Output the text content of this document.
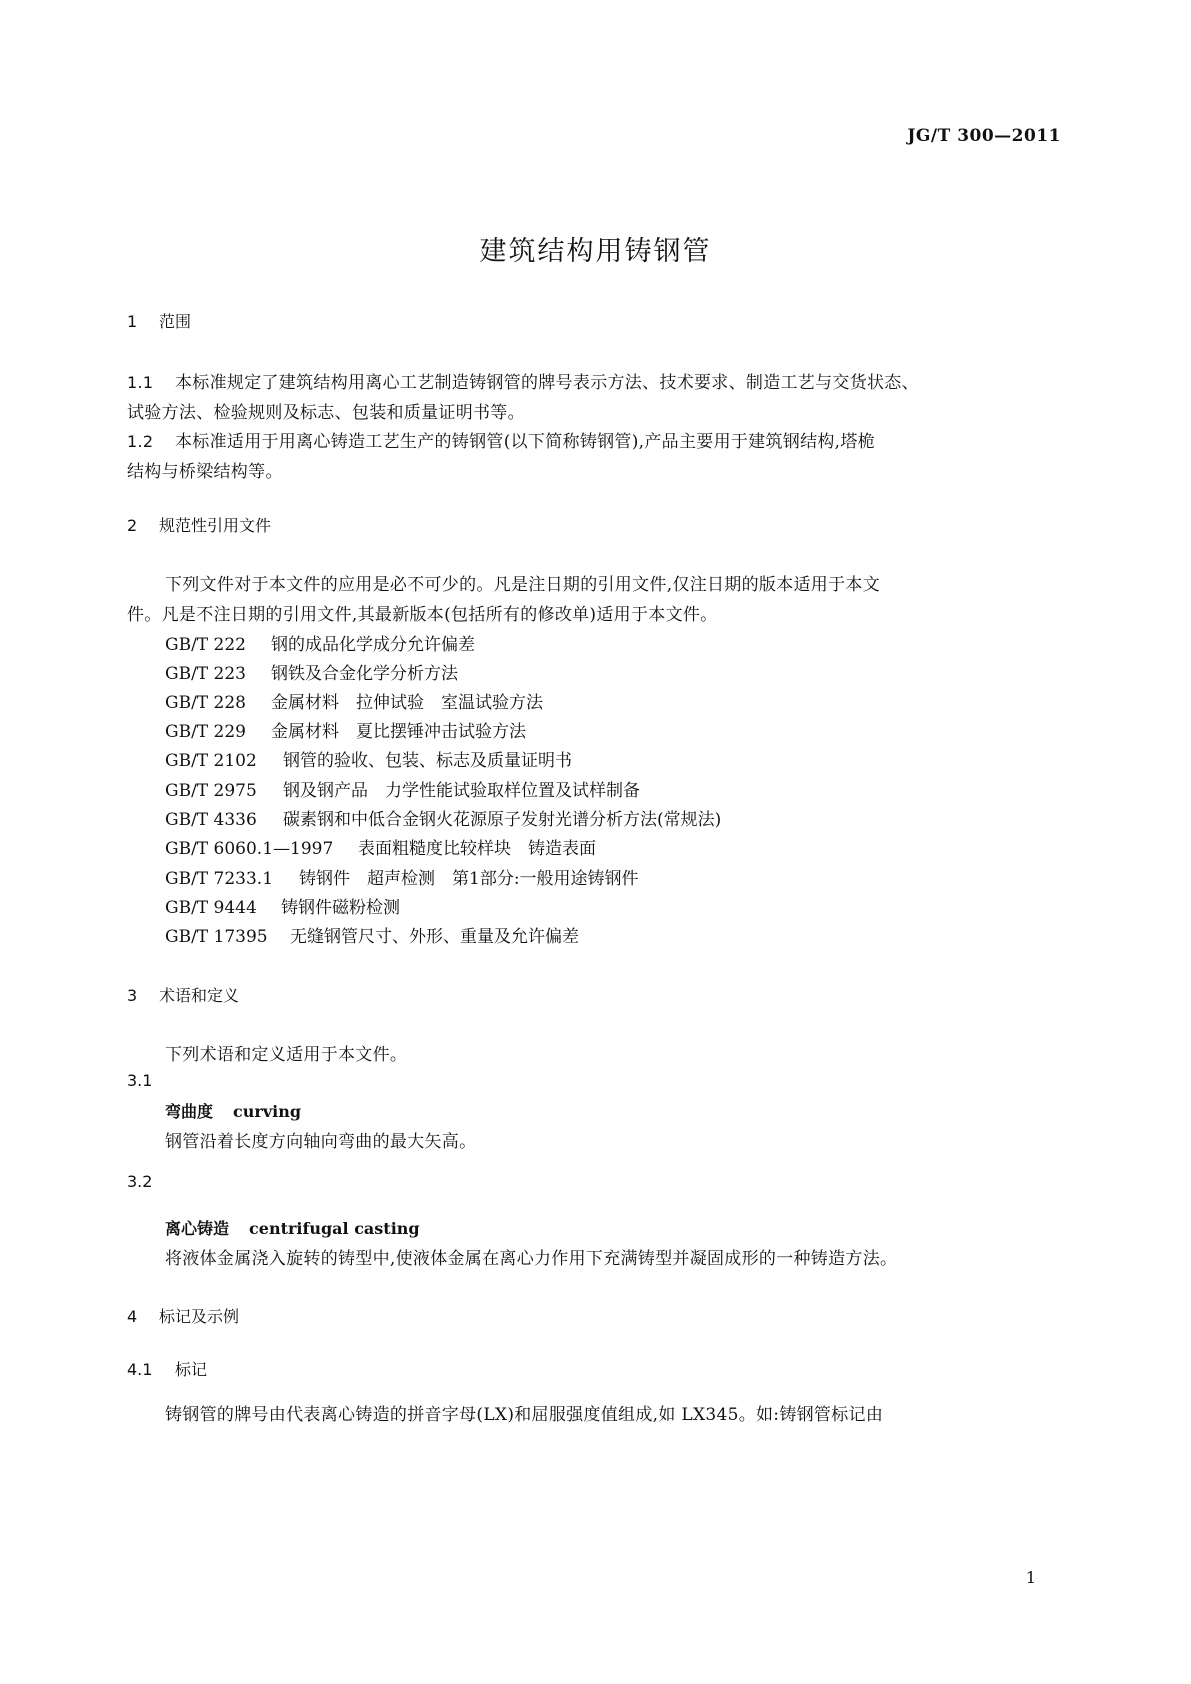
JG/T 300—2011
建筑结构用铸钢管
1 范围
1.1 本标准规定了建筑结构用离心工艺制造铸钢管的牌号表示方法、技术要求、制造工艺与交货状态、
试验方法、检验规则及标志、包装和质量证明书等。
1.2 本标准适用于用离心铸造工艺生产的铸钢管(以下简称铸钢管),产品主要用于建筑钢结构,塔桅
结构与桥梁结构等。
2 规范性引用文件
下列文件对于本文件的应用是必不可少的。凡是注日期的引用文件,仅注日期的版本适用于本文
件。凡是不注日期的引用文件,其最新版本(包括所有的修改单)适用于本文件。
GB/T 222 钢的成品化学成分允许偏差
GB/T 223 钢铁及合金化学分析方法
GB/T 228 金属材料　拉伸试验　室温试验方法
GB/T 229 金属材料　夏比摆锤冲击试验方法
GB/T 2102 钢管的验收、包装、标志及质量证明书
GB/T 2975 钢及钢产品　力学性能试验取样位置及试样制备
GB/T 4336 碳素钢和中低合金钢火花源原子发射光谱分析方法(常规法)
GB/T 6060.1—1997 表面粗糙度比较样块　铸造表面
GB/T 7233.1 铸钢件　超声检测　第1部分:一般用途铸钢件
GB/T 9444 铸钢件磁粉检测
GB/T 17395 无缝钢管尺寸、外形、重量及允许偏差
3 术语和定义
下列术语和定义适用于本文件。
3.1
弯曲度 curving
钢管沿着长度方向轴向弯曲的最大矢高。
3.2
离心铸造 centrifugal casting
将液体金属浇入旋转的铸型中,使液体金属在离心力作用下充满铸型并凝固成形的一种铸造方法。
4 标记及示例
4.1 标记
铸钢管的牌号由代表离心铸造的拼音字母(LX)和屈服强度值组成,如 LX345。如:铸钢管标记由
1
